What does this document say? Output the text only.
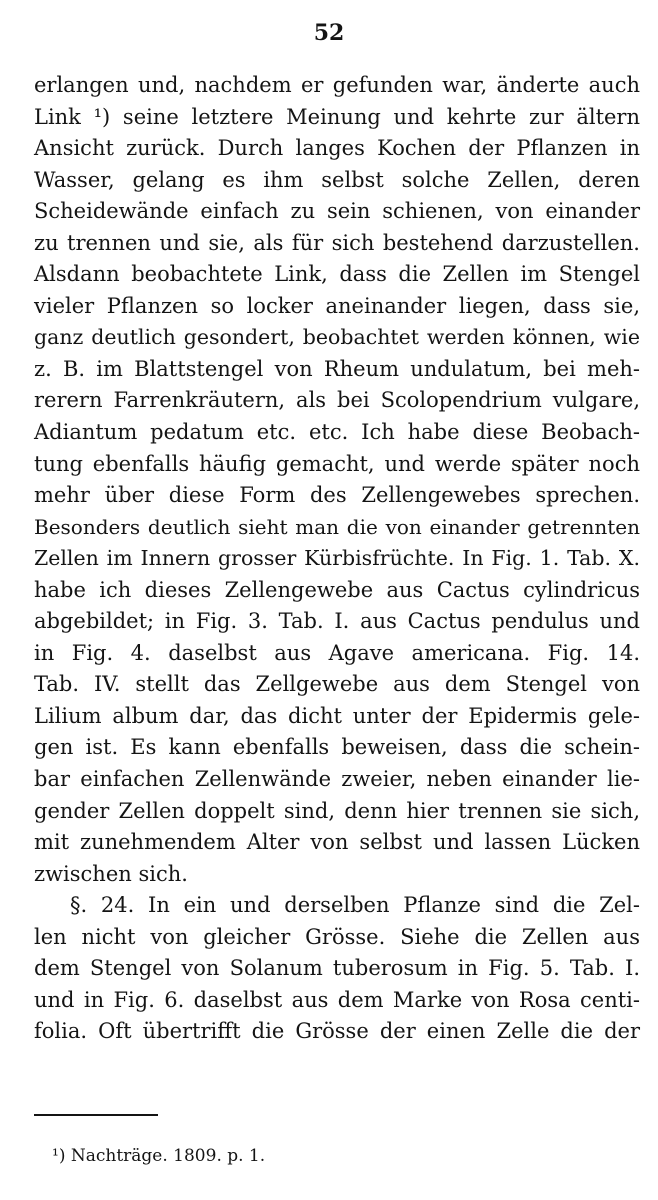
52
erlangen und, nachdem er gefunden war, änderte auch
Link ¹) seine letztere Meinung und kehrte zur ältern
Ansicht zurück. Durch langes Kochen der Pflanzen in
Wasser, gelang es ihm selbst solche Zellen, deren
Scheidewände einfach zu sein schienen, von einander
zu trennen und sie, als für sich bestehend darzustellen.
Alsdann beobachtete Link, dass die Zellen im Stengel
vieler Pflanzen so locker aneinander liegen, dass sie,
ganz deutlich gesondert, beobachtet werden können, wie
z. B. im Blattstengel von Rheum undulatum, bei meh-
rerern Farrenkräutern, als bei Scolopendrium vulgare,
Adiantum pedatum etc. etc. Ich habe diese Beobach-
tung ebenfalls häufig gemacht, und werde später noch
mehr über diese Form des Zellengewebes sprechen.
Besonders deutlich sieht man die von einander getrennten
Zellen im Innern grosser Kürbisfrüchte. In Fig. 1. Tab. X.
habe ich dieses Zellengewebe aus Cactus cylindricus
abgebildet; in Fig. 3. Tab. I. aus Cactus pendulus und
in Fig. 4. daselbst aus Agave americana. Fig. 14.
Tab. IV. stellt das Zellgewebe aus dem Stengel von
Lilium album dar, das dicht unter der Epidermis gele-
gen ist. Es kann ebenfalls beweisen, dass die schein-
bar einfachen Zellenwände zweier, neben einander lie-
gender Zellen doppelt sind, denn hier trennen sie sich,
mit zunehmendem Alter von selbst und lassen Lücken
zwischen sich.
§. 24. In ein und derselben Pflanze sind die Zel-
len nicht von gleicher Grösse. Siehe die Zellen aus
dem Stengel von Solanum tuberosum in Fig. 5. Tab. I.
und in Fig. 6. daselbst aus dem Marke von Rosa centi-
folia. Oft übertrifft die Grösse der einen Zelle die der
¹) Nachträge. 1809. p. 1.
